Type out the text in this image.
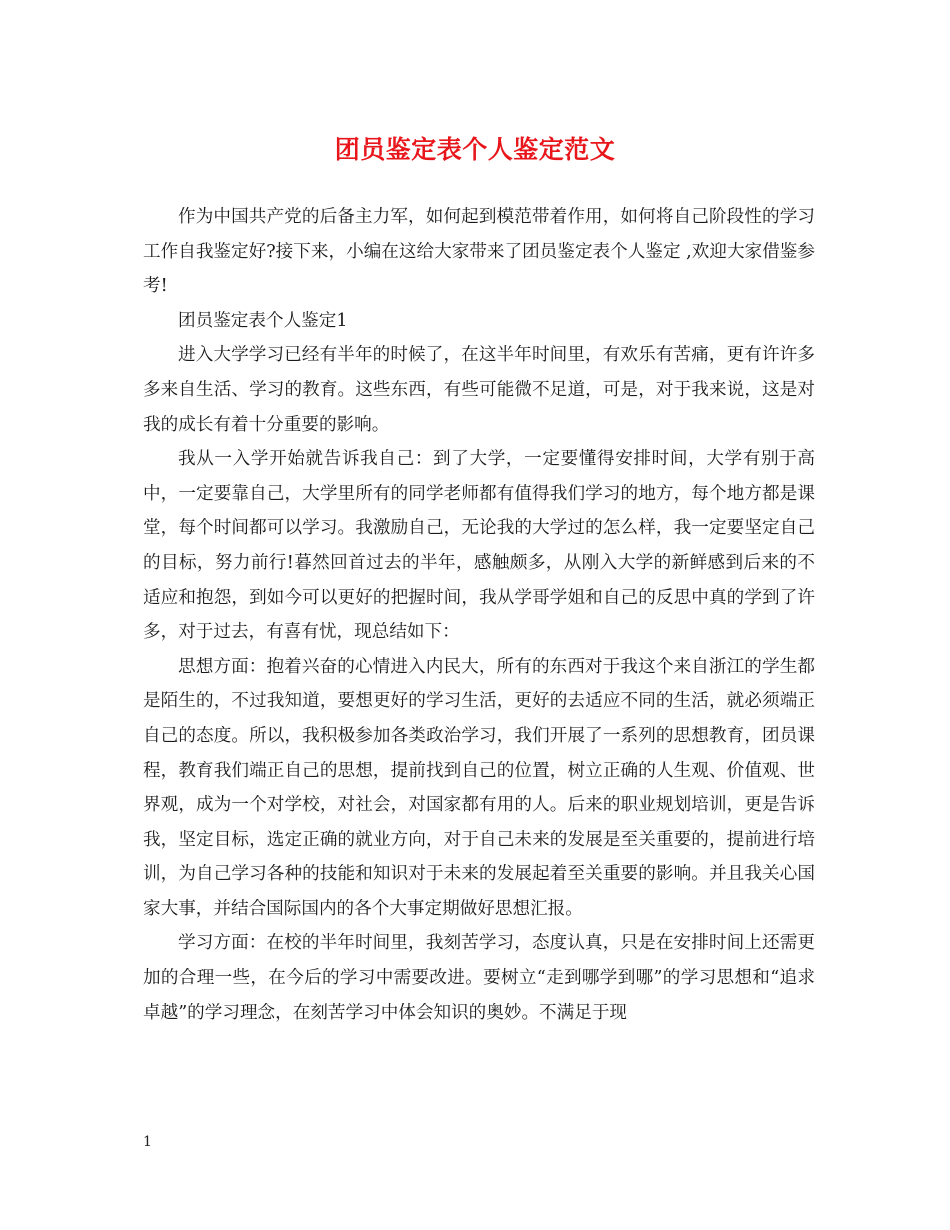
团员鉴定表个人鉴定范文

作为中国共产党的后备主力军，如何起到模范带着作用，如何将自己阶段性的学习工作自我鉴定好?接下来，小编在这给大家带来了团员鉴定表个人鉴定 ,欢迎大家借鉴参考!

团员鉴定表个人鉴定1

进入大学学习已经有半年的时候了，在这半年时间里，有欢乐有苦痛，更有许许多多来自生活、学习的教育。这些东西，有些可能微不足道，可是，对于我来说，这是对我的成长有着十分重要的影响。

我从一入学开始就告诉我自己：到了大学，一定要懂得安排时间，大学有别于高中，一定要靠自己，大学里所有的同学老师都有值得我们学习的地方，每个地方都是课堂，每个时间都可以学习。我激励自己，无论我的大学过的怎么样，我一定要坚定自己的目标，努力前行!暮然回首过去的半年，感触颇多，从刚入大学的新鲜感到后来的不适应和抱怨，到如今可以更好的把握时间，我从学哥学姐和自己的反思中真的学到了许多，对于过去，有喜有忧，现总结如下：

思想方面：抱着兴奋的心情进入内民大，所有的东西对于我这个来自浙江的学生都是陌生的，不过我知道，要想更好的学习生活，更好的去适应不同的生活，就必须端正自己的态度。所以，我积极参加各类政治学习，我们开展了一系列的思想教育，团员课程，教育我们端正自己的思想，提前找到自己的位置，树立正确的人生观、价值观、世界观，成为一个对学校，对社会，对国家都有用的人。后来的职业规划培训，更是告诉我，坚定目标，选定正确的就业方向，对于自己未来的发展是至关重要的，提前进行培训，为自己学习各种的技能和知识对于未来的发展起着至关重要的影响。并且我关心国家大事，并结合国际国内的各个大事定期做好思想汇报。

学习方面：在校的半年时间里，我刻苦学习，态度认真，只是在安排时间上还需更加的合理一些，在今后的学习中需要改进。要树立“走到哪学到哪”的学习思想和“追求卓越”的学习理念，在刻苦学习中体会知识的奥妙。不满足于现

1
